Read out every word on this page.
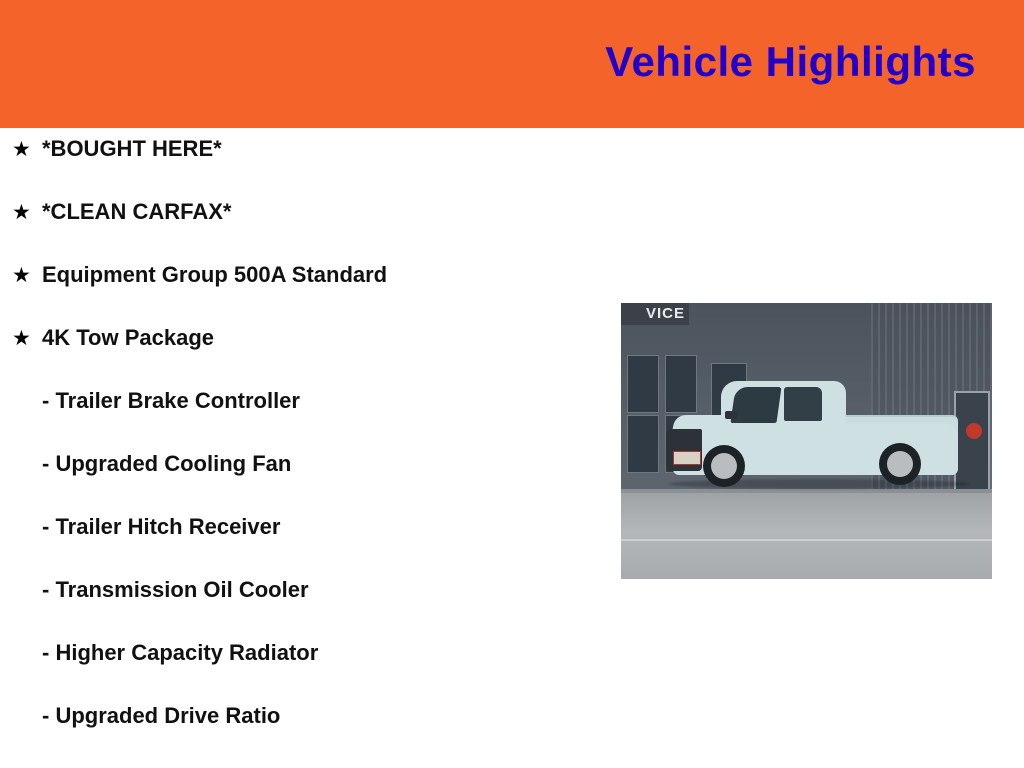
Vehicle Highlights
★ *BOUGHT HERE*
★ *CLEAN CARFAX*
★ Equipment Group 500A Standard
★ 4K Tow Package
- Trailer Brake Controller
- Upgraded Cooling Fan
- Trailer Hitch Receiver
- Transmission Oil Cooler
- Higher Capacity Radiator
- Upgraded Drive Ratio
VICE
